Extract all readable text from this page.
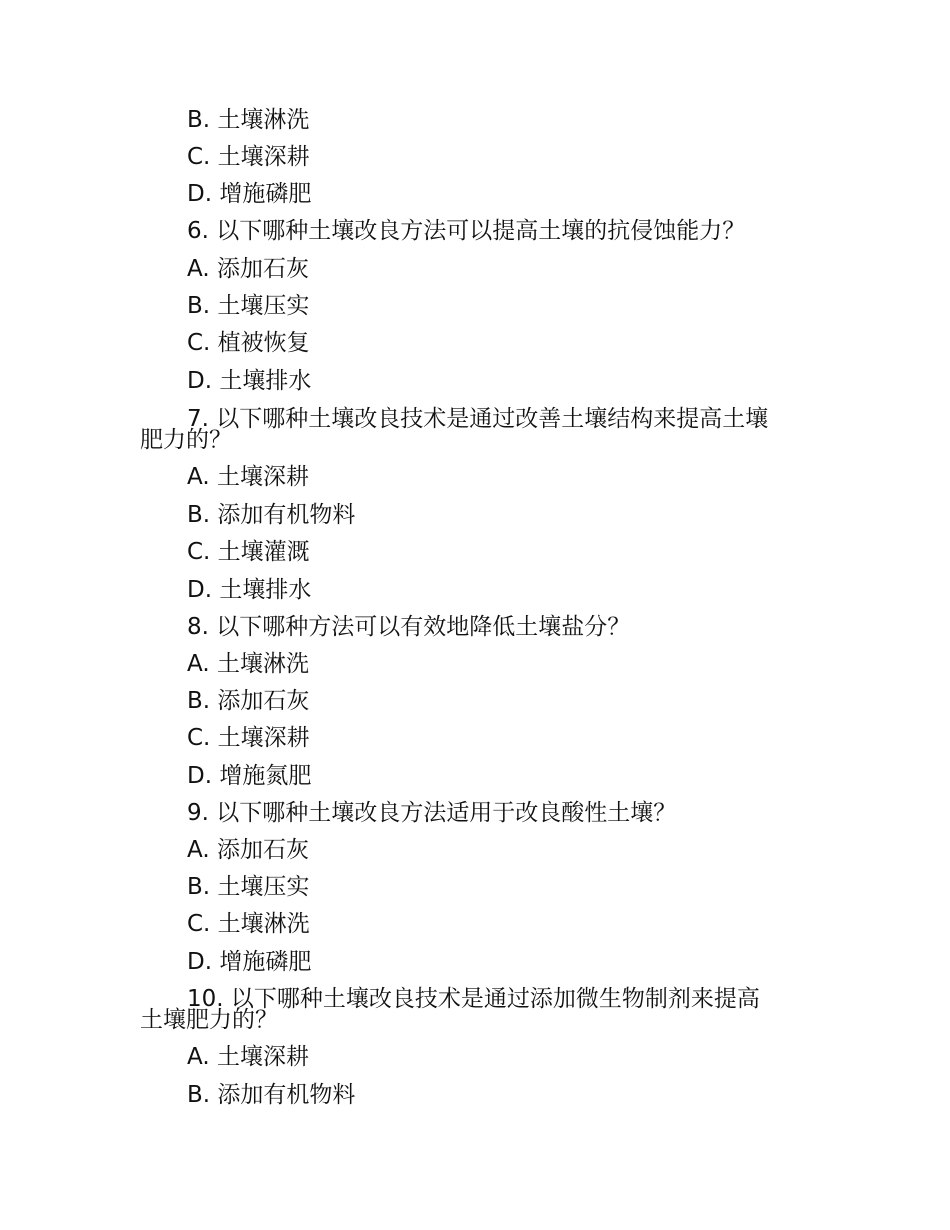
B. 土壤淋洗
C. 土壤深耕
D. 增施磷肥
6. 以下哪种土壤改良方法可以提高土壤的抗侵蚀能力？
A. 添加石灰
B. 土壤压实
C. 植被恢复
D. 土壤排水
7. 以下哪种土壤改良技术是通过改善土壤结构来提高土壤
肥力的？
A. 土壤深耕
B. 添加有机物料
C. 土壤灌溉
D. 土壤排水
8. 以下哪种方法可以有效地降低土壤盐分？
A. 土壤淋洗
B. 添加石灰
C. 土壤深耕
D. 增施氮肥
9. 以下哪种土壤改良方法适用于改良酸性土壤？
A. 添加石灰
B. 土壤压实
C. 土壤淋洗
D. 增施磷肥
10. 以下哪种土壤改良技术是通过添加微生物制剂来提高
土壤肥力的？
A. 土壤深耕
B. 添加有机物料
